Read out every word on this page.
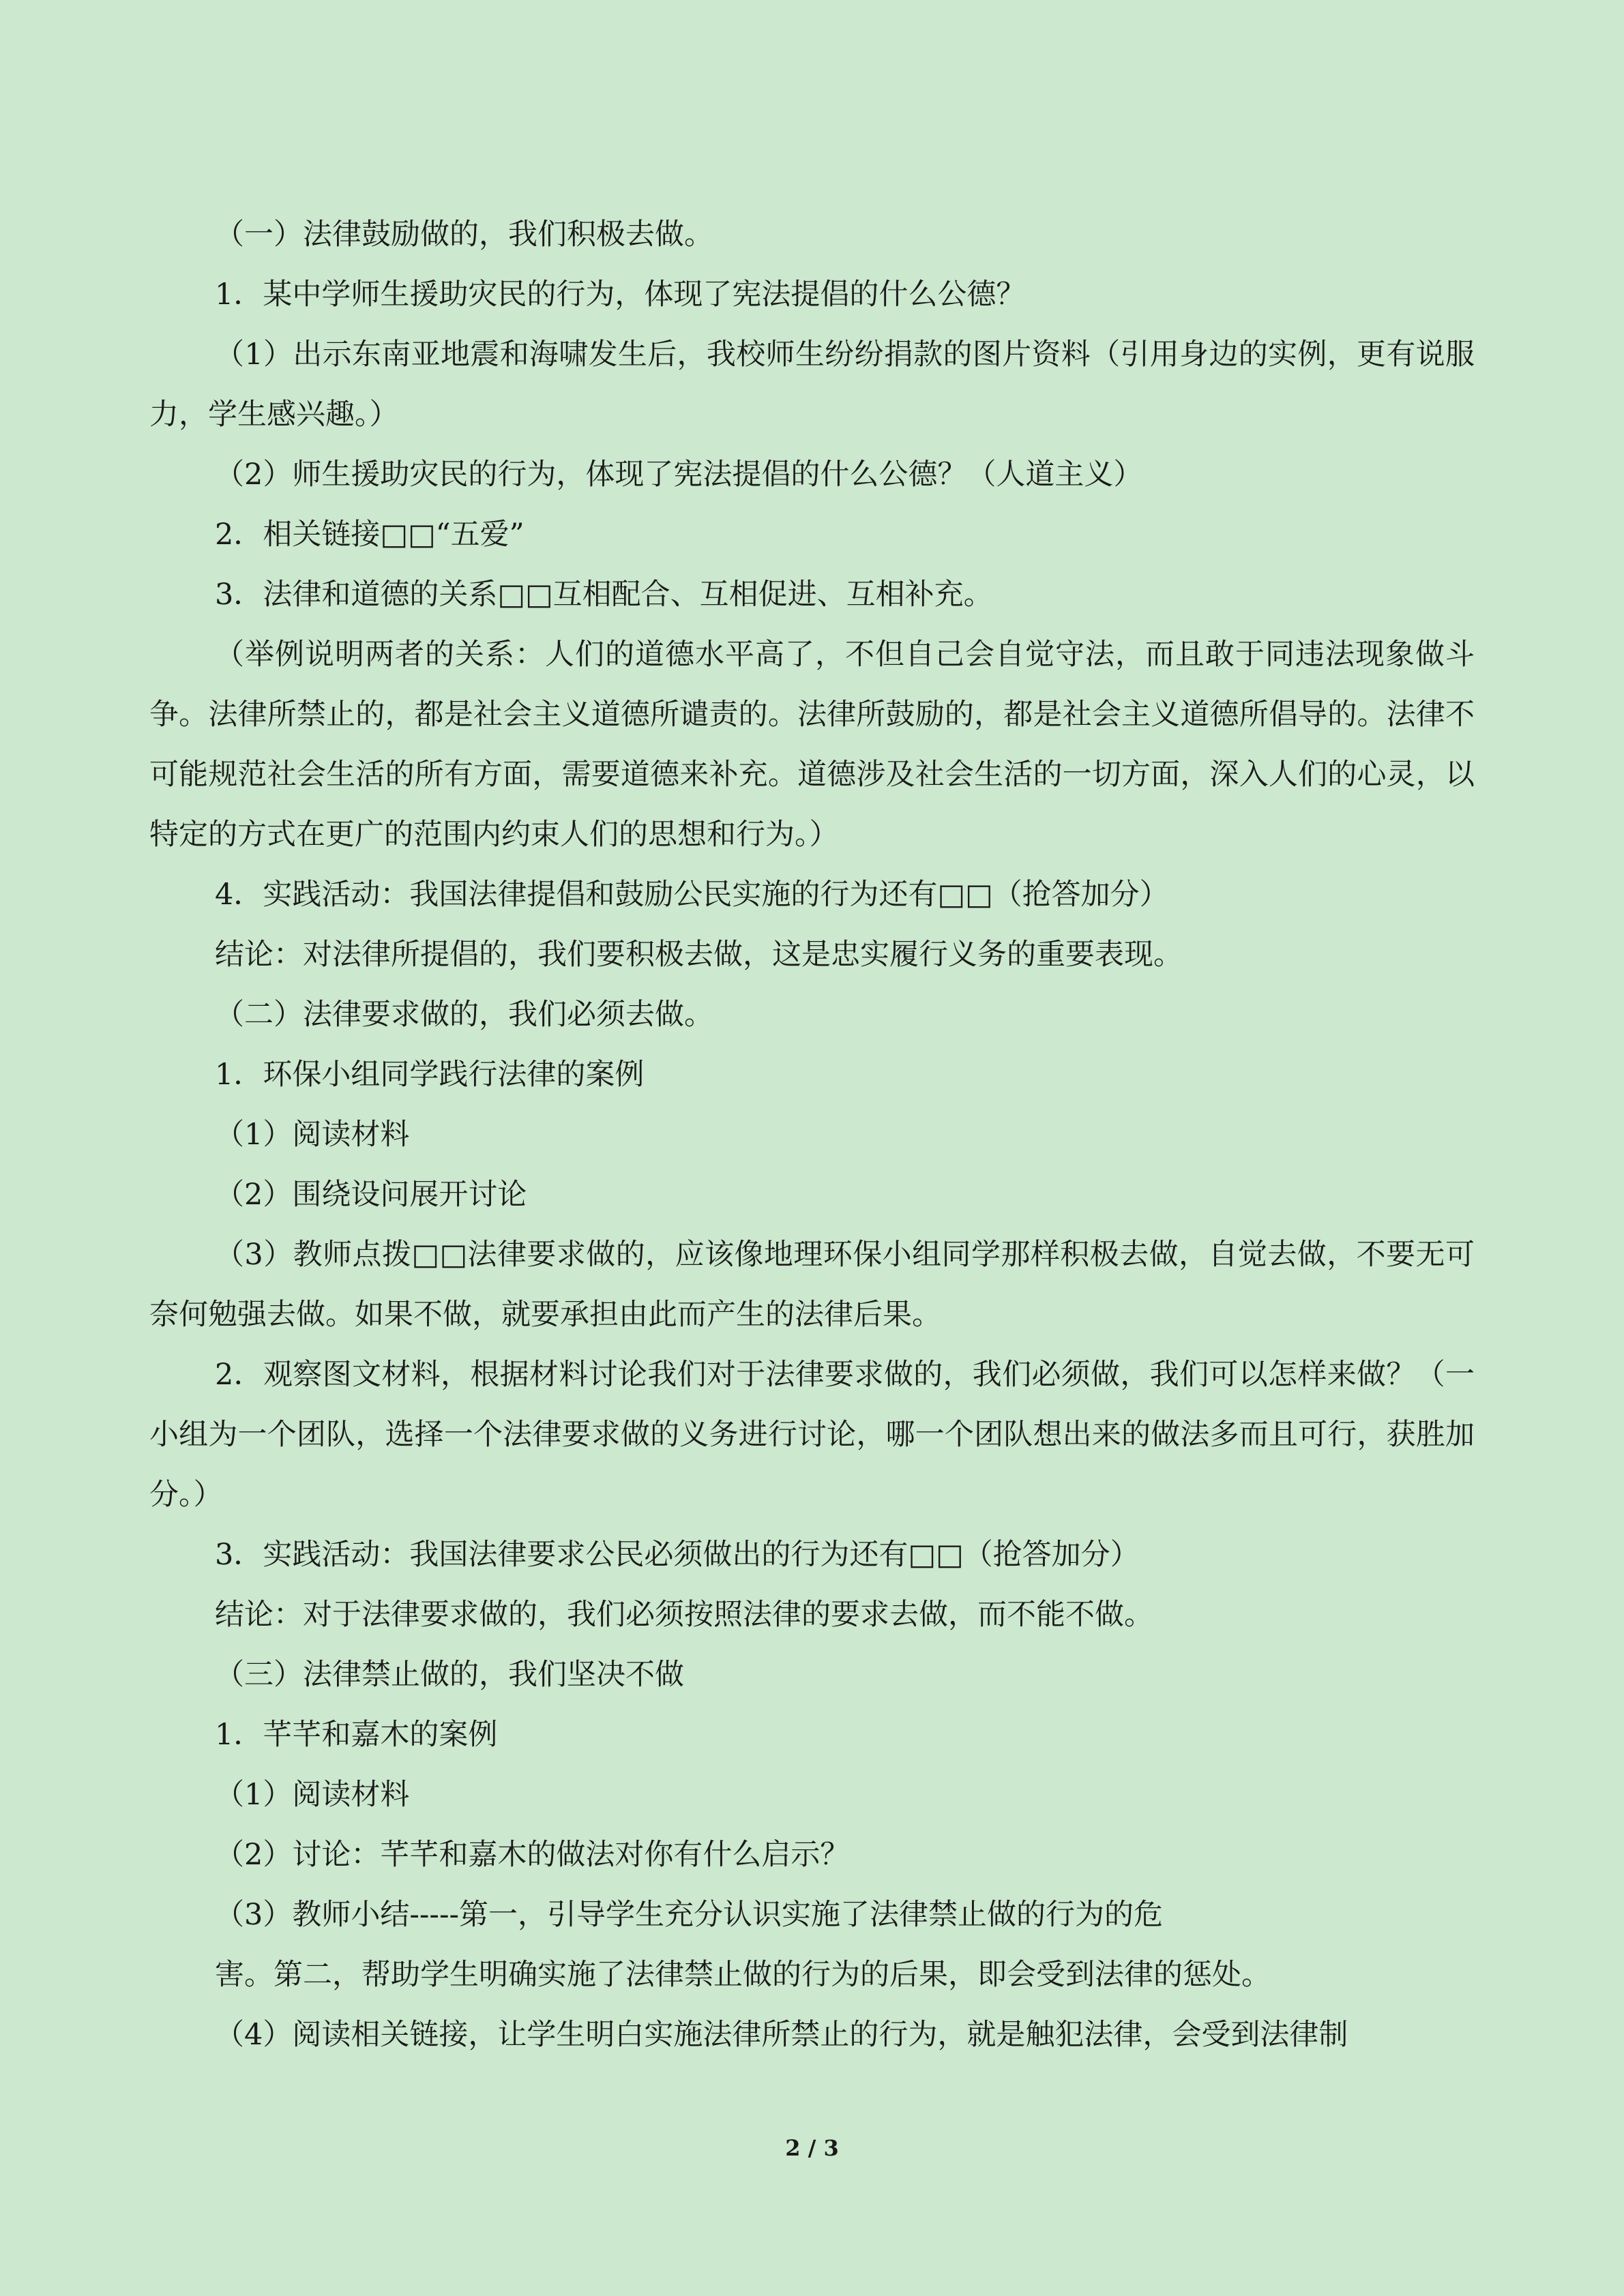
（一）法律鼓励做的，我们积极去做。

1．某中学师生援助灾民的行为，体现了宪法提倡的什么公德？

（1）出示东南亚地震和海啸发生后，我校师生纷纷捐款的图片资料（引用身边的实例，更有说服力，学生感兴趣。）

（2）师生援助灾民的行为，体现了宪法提倡的什么公德？（人道主义）

2．相关链接□□“五爱”

3．法律和道德的关系□□互相配合、互相促进、互相补充。

（举例说明两者的关系：人们的道德水平高了，不但自己会自觉守法，而且敢于同违法现象做斗争。法律所禁止的，都是社会主义道德所谴责的。法律所鼓励的，都是社会主义道德所倡导的。法律不可能规范社会生活的所有方面，需要道德来补充。道德涉及社会生活的一切方面，深入人们的心灵，以特定的方式在更广的范围内约束人们的思想和行为。）

4．实践活动：我国法律提倡和鼓励公民实施的行为还有□□（抢答加分）

结论：对法律所提倡的，我们要积极去做，这是忠实履行义务的重要表现。

（二）法律要求做的，我们必须去做。

1．环保小组同学践行法律的案例

（1）阅读材料

（2）围绕设问展开讨论

（3）教师点拨□□法律要求做的，应该像地理环保小组同学那样积极去做，自觉去做，不要无可奈何勉强去做。如果不做，就要承担由此而产生的法律后果。

2．观察图文材料，根据材料讨论我们对于法律要求做的，我们必须做，我们可以怎样来做？（一小组为一个团队，选择一个法律要求做的义务进行讨论，哪一个团队想出来的做法多而且可行，获胜加分。）

3．实践活动：我国法律要求公民必须做出的行为还有□□（抢答加分）

结论：对于法律要求做的，我们必须按照法律的要求去做，而不能不做。

（三）法律禁止做的，我们坚决不做

1．芊芊和嘉木的案例

（1）阅读材料

（2）讨论：芊芊和嘉木的做法对你有什么启示？

（3）教师小结-----第一，引导学生充分认识实施了法律禁止做的行为的危

害。第二，帮助学生明确实施了法律禁止做的行为的后果，即会受到法律的惩处。

（4）阅读相关链接，让学生明白实施法律所禁止的行为，就是触犯法律，会受到法律制

2 / 3
